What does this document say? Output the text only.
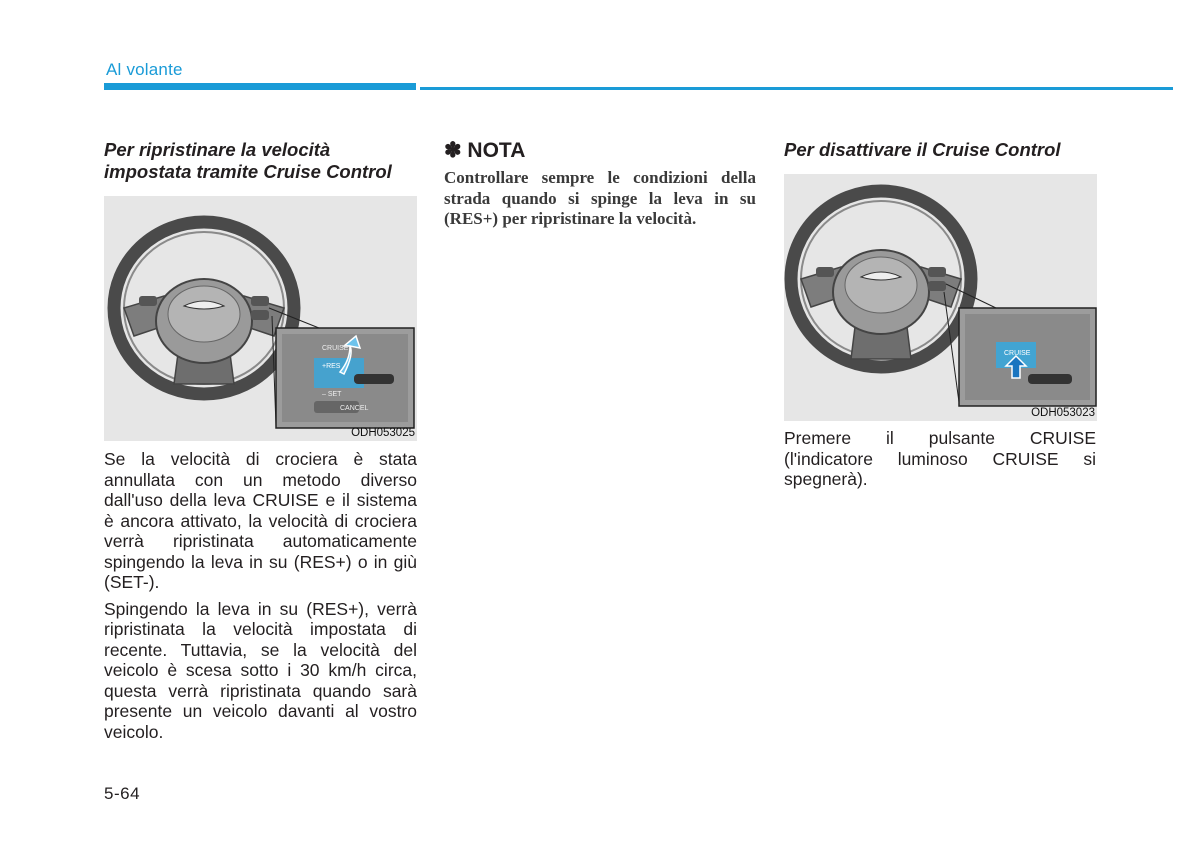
Al volante
Per ripristinare la velocità impostata tramite Cruise Control
CRUISE
+RES
– SET
CANCEL
ODH053025

Se la velocità di crociera è stata annullata con un metodo diverso dall'uso della leva CRUISE e il sistema è ancora attivato, la velocità di crociera verrà ripristinata automaticamente spingendo la leva in su (RES+) o in giù (SET-).

Spingendo la leva in su (RES+), verrà ripristinata la velocità impostata di recente. Tuttavia, se la velocità del veicolo è scesa sotto i 30 km/h circa, questa verrà ripristinata quando sarà presente un veicolo davanti al vostro veicolo.

✽ NOTA
Controllare sempre le condizioni della strada quando si spinge la leva in su (RES+) per ripristinare la velocità.
Per disattivare il Cruise Control
CRUISE
ODH053023

Premere il pulsante CRUISE (l'indicatore luminoso CRUISE si spegnerà).

5-64
